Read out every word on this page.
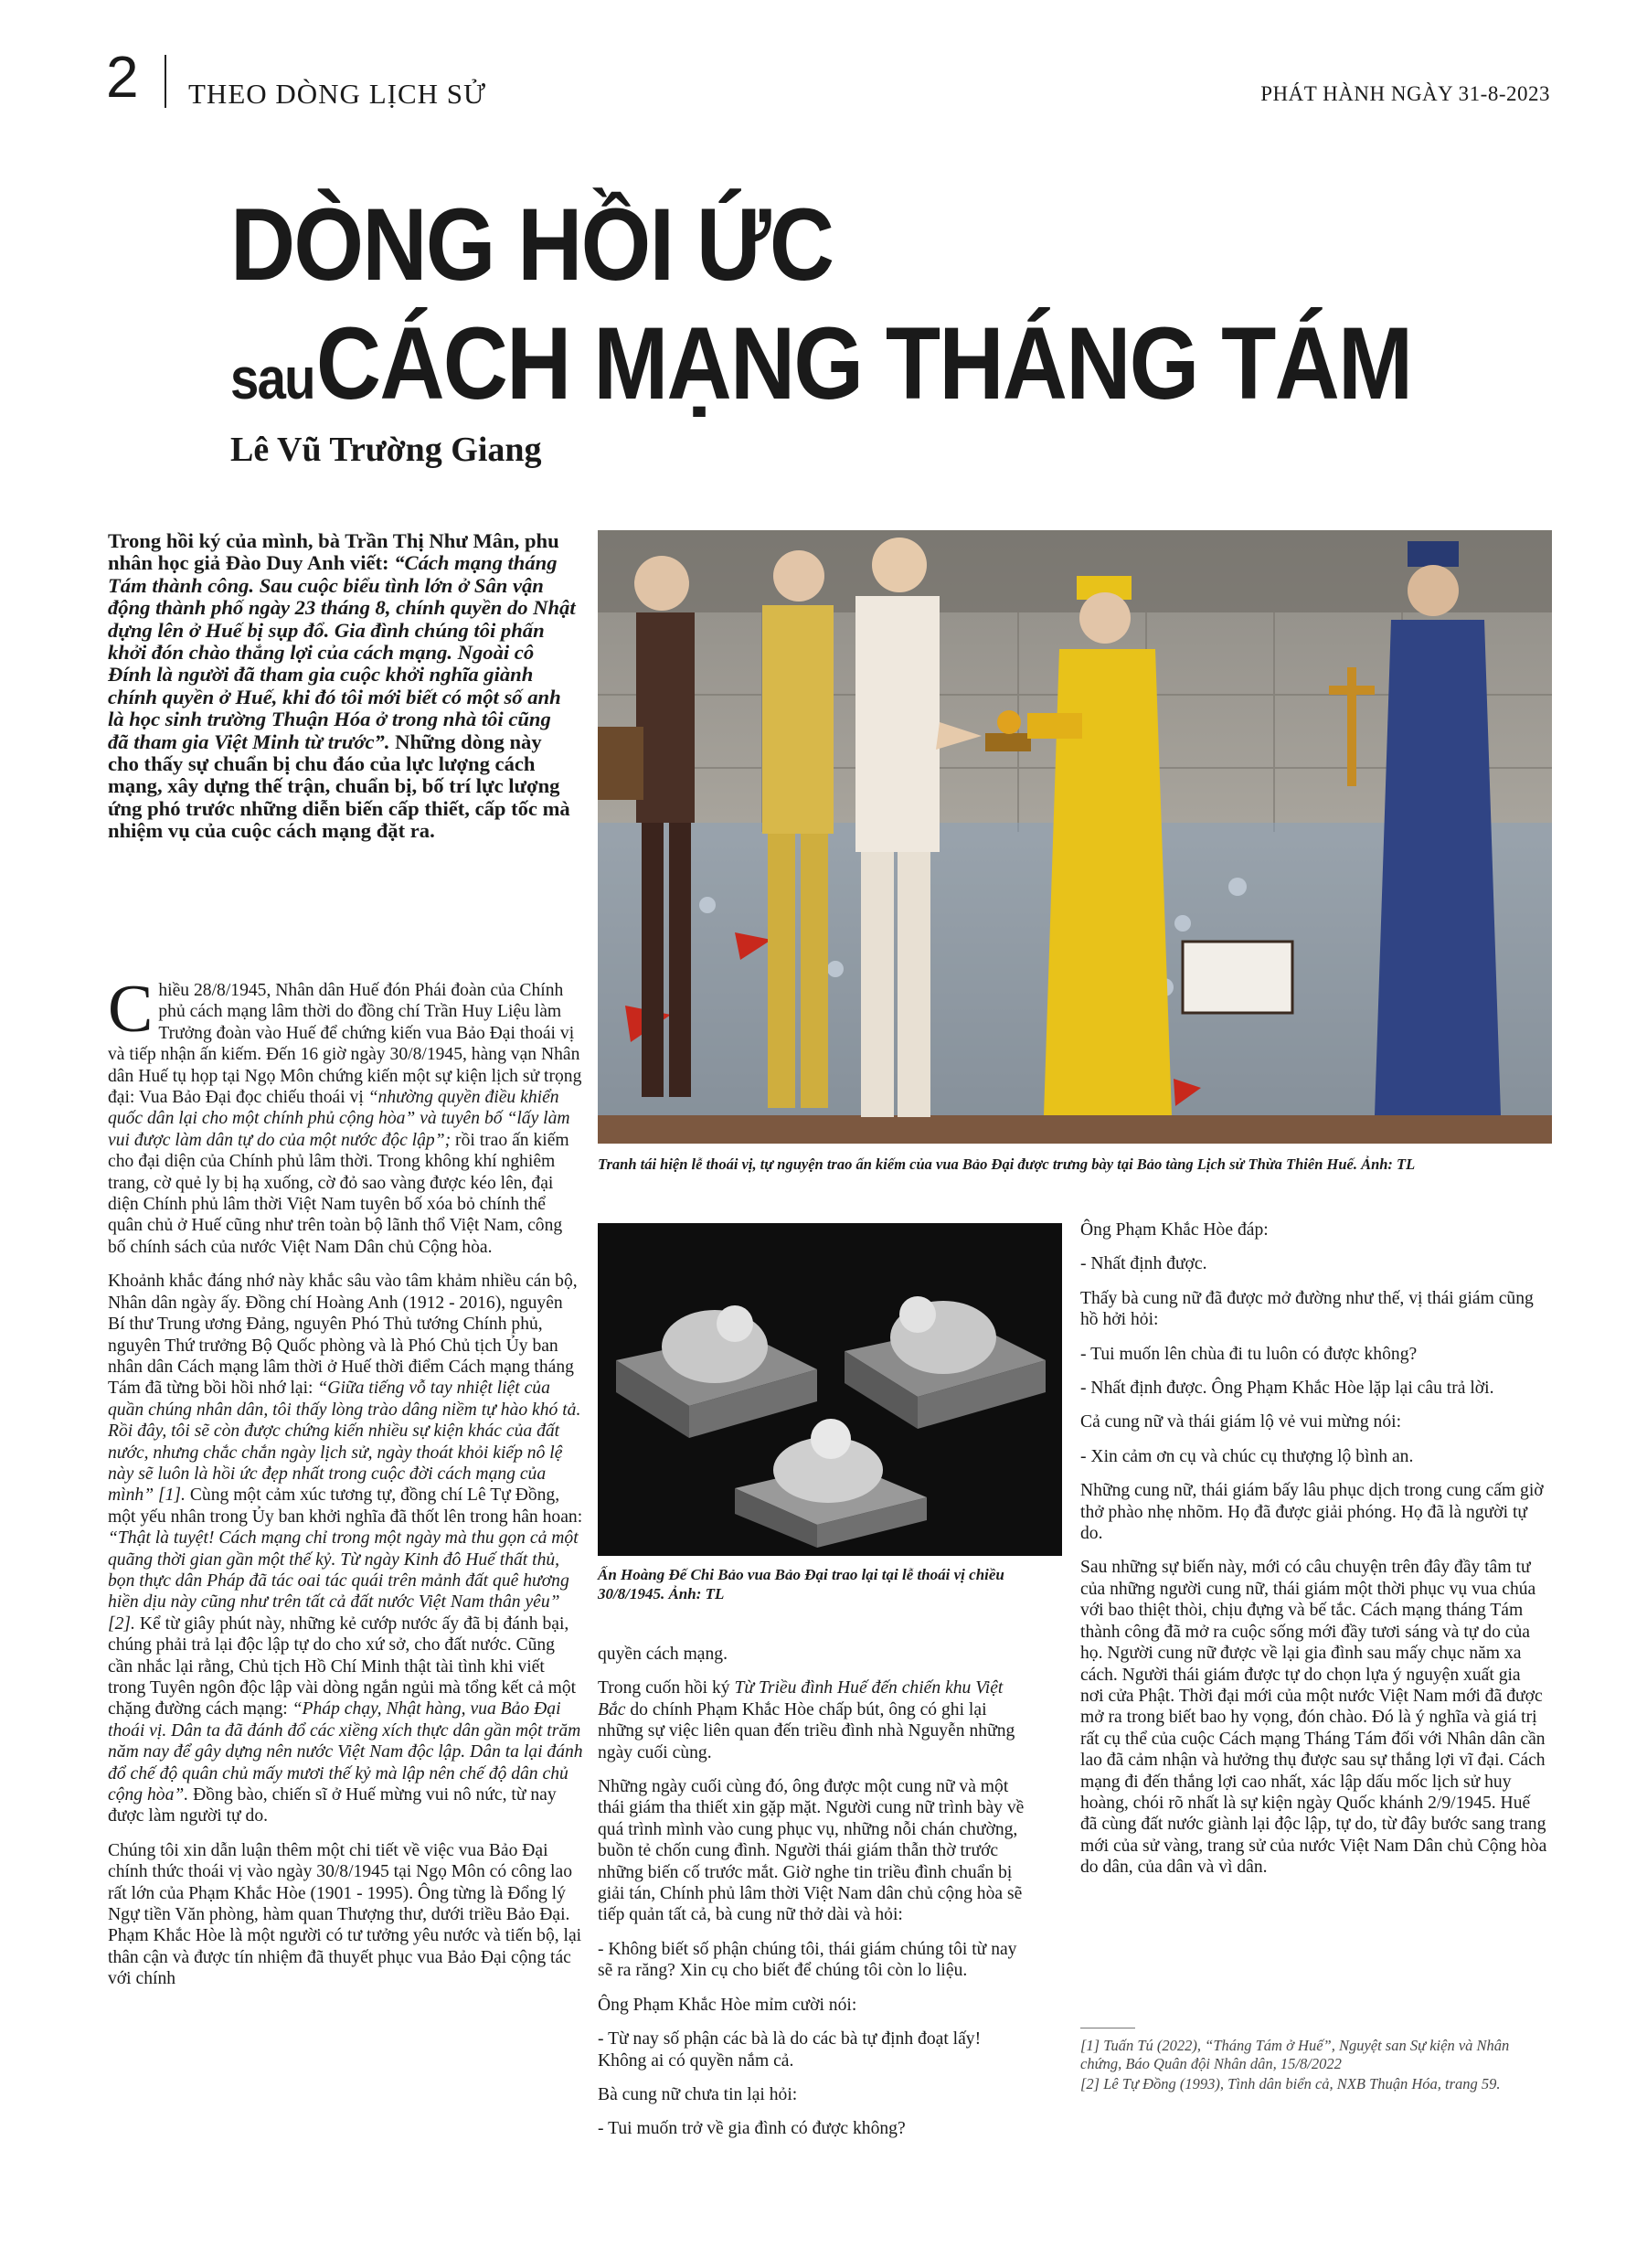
2 THEO DÒNG LỊCH SỬ	PHÁT HÀNH NGÀY 31-8-2023
DÒNG HỒI ỨC
sau CÁCH MẠNG THÁNG TÁM
Lê Vũ Trường Giang

Trong hồi ký của mình, bà Trần Thị Như Mân, phu nhân học giả Đào Duy Anh viết: “Cách mạng tháng Tám thành công. Sau cuộc biểu tình lớn ở Sân vận động thành phố ngày 23 tháng 8, chính quyền do Nhật dựng lên ở Huế bị sụp đổ. Gia đình chúng tôi phấn khởi đón chào thắng lợi của cách mạng. Ngoài cô Đính là người đã tham gia cuộc khởi nghĩa giành chính quyền ở Huế, khi đó tôi mới biết có một số anh là học sinh trường Thuận Hóa ở trong nhà tôi cũng đã tham gia Việt Minh từ trước”. Những dòng này cho thấy sự chuẩn bị chu đáo của lực lượng cách mạng, xây dựng thế trận, chuẩn bị, bố trí lực lượng ứng phó trước những diễn biến cấp thiết, cấp tốc mà nhiệm vụ của cuộc cách mạng đặt ra.

Tranh tái hiện lễ thoái vị, tự nguyện trao ấn kiếm của vua Bảo Đại được trưng bày tại Bảo tàng Lịch sử Thừa Thiên Huế. Ảnh: TL
Ấn Hoàng Đế Chi Bảo vua Bảo Đại trao lại tại lễ thoái vị chiều 30/8/1945. Ảnh: TL

Chiều 28/8/1945, Nhân dân Huế đón Phái đoàn của Chính phủ cách mạng lâm thời do đồng chí Trần Huy Liệu làm Trưởng đoàn vào Huế để chứng kiến vua Bảo Đại thoái vị và tiếp nhận ấn kiếm. Đến 16 giờ ngày 30/8/1945, hàng vạn Nhân dân Huế tụ họp tại Ngọ Môn chứng kiến một sự kiện lịch sử trọng đại: Vua Bảo Đại đọc chiếu thoái vị “nhường quyền điều khiển quốc dân lại cho một chính phủ cộng hòa” và tuyên bố “lấy làm vui được làm dân tự do của một nước độc lập”; rồi trao ấn kiếm cho đại diện của Chính phủ lâm thời. Trong không khí nghiêm trang, cờ quẻ ly bị hạ xuống, cờ đỏ sao vàng được kéo lên, đại diện Chính phủ lâm thời Việt Nam tuyên bố xóa bỏ chính thể quân chủ ở Huế cũng như trên toàn bộ lãnh thổ Việt Nam, công bố chính sách của nước Việt Nam Dân chủ Cộng hòa.

Khoảnh khắc đáng nhớ này khắc sâu vào tâm khảm nhiều cán bộ, Nhân dân ngày ấy. Đồng chí Hoàng Anh (1912 - 2016), nguyên Bí thư Trung ương Đảng, nguyên Phó Thủ tướng Chính phủ, nguyên Thứ trưởng Bộ Quốc phòng và là Phó Chủ tịch Ủy ban nhân dân Cách mạng lâm thời ở Huế thời điểm Cách mạng tháng Tám đã từng bồi hồi nhớ lại: “Giữa tiếng vỗ tay nhiệt liệt của quần chúng nhân dân, tôi thấy lòng trào dâng niềm tự hào khó tả. Rồi đây, tôi sẽ còn được chứng kiến nhiều sự kiện khác của đất nước, nhưng chắc chắn ngày lịch sử, ngày thoát khỏi kiếp nô lệ này sẽ luôn là hồi ức đẹp nhất trong cuộc đời cách mạng của mình” [1]. Cùng một cảm xúc tương tự, đồng chí Lê Tự Đồng, một yếu nhân trong Ủy ban khởi nghĩa đã thốt lên trong hân hoan: “Thật là tuyệt! Cách mạng chỉ trong một ngày mà thu gọn cả một quãng thời gian gần một thế kỷ. Từ ngày Kinh đô Huế thất thủ, bọn thực dân Pháp đã tác oai tác quái trên mảnh đất quê hương hiền dịu này cũng như trên tất cả đất nước Việt Nam thân yêu” [2]. Kể từ giây phút này, những kẻ cướp nước ấy đã bị đánh bại, chúng phải trả lại độc lập tự do cho xứ sở, cho đất nước. Cũng cần nhắc lại rằng, Chủ tịch Hồ Chí Minh thật tài tình khi viết trong Tuyên ngôn độc lập vài dòng ngắn ngủi mà tổng kết cả một chặng đường cách mạng: “Pháp chạy, Nhật hàng, vua Bảo Đại thoái vị. Dân ta đã đánh đổ các xiềng xích thực dân gần một trăm năm nay để gây dựng nên nước Việt Nam độc lập. Dân ta lại đánh đổ chế độ quân chủ mấy mươi thế kỷ mà lập nên chế độ dân chủ cộng hòa”. Đồng bào, chiến sĩ ở Huế mừng vui nô nức, từ nay được làm người tự do.

Chúng tôi xin dẫn luận thêm một chi tiết về việc vua Bảo Đại chính thức thoái vị vào ngày 30/8/1945 tại Ngọ Môn có công lao rất lớn của Phạm Khắc Hòe (1901 - 1995). Ông từng là Đổng lý Ngự tiền Văn phòng, hàm quan Thượng thư, dưới triều Bảo Đại. Phạm Khắc Hòe là một người có tư tưởng yêu nước và tiến bộ, lại thân cận và được tín nhiệm đã thuyết phục vua Bảo Đại cộng tác với chính

quyền cách mạng.

Trong cuốn hồi ký Từ Triều đình Huế đến chiến khu Việt Bắc do chính Phạm Khắc Hòe chấp bút, ông có ghi lại những sự việc liên quan đến triều đình nhà Nguyễn những ngày cuối cùng.

Những ngày cuối cùng đó, ông được một cung nữ và một thái giám tha thiết xin gặp mặt. Người cung nữ trình bày về quá trình mình vào cung phục vụ, những nỗi chán chường, buồn tẻ chốn cung đình. Người thái giám thẫn thờ trước những biến cố trước mắt. Giờ nghe tin triều đình chuẩn bị giải tán, Chính phủ lâm thời Việt Nam dân chủ cộng hòa sẽ tiếp quản tất cả, bà cung nữ thở dài và hỏi:

- Không biết số phận chúng tôi, thái giám chúng tôi từ nay sẽ ra răng? Xin cụ cho biết để chúng tôi còn lo liệu.

Ông Phạm Khắc Hòe mỉm cười nói:

- Từ nay số phận các bà là do các bà tự định đoạt lấy! Không ai có quyền nắm cả.

Bà cung nữ chưa tin lại hỏi:

- Tui muốn trở về gia đình có được không?

Ông Phạm Khắc Hòe đáp:

- Nhất định được.

Thấy bà cung nữ đã được mở đường như thế, vị thái giám cũng hồ hởi hỏi:

- Tui muốn lên chùa đi tu luôn có được không?

- Nhất định được. Ông Phạm Khắc Hòe lặp lại câu trả lời.

Cả cung nữ và thái giám lộ vẻ vui mừng nói:

- Xin cảm ơn cụ và chúc cụ thượng lộ bình an.

Những cung nữ, thái giám bấy lâu phục dịch trong cung cấm giờ thở phào nhẹ nhõm. Họ đã được giải phóng. Họ đã là người tự do.

Sau những sự biến này, mới có câu chuyện trên đây đầy tâm tư của những người cung nữ, thái giám một thời phục vụ vua chúa với bao thiệt thòi, chịu đựng và bế tắc. Cách mạng tháng Tám thành công đã mở ra cuộc sống mới đầy tươi sáng và tự do của họ. Người cung nữ được về lại gia đình sau mấy chục năm xa cách. Người thái giám được tự do chọn lựa ý nguyện xuất gia nơi cửa Phật. Thời đại mới của một nước Việt Nam mới đã được mở ra trong biết bao hy vọng, đón chào. Đó là ý nghĩa và giá trị rất cụ thể của cuộc Cách mạng Tháng Tám đối với Nhân dân cần lao đã cảm nhận và hưởng thụ được sau sự thắng lợi vĩ đại. Cách mạng đi đến thắng lợi cao nhất, xác lập dấu mốc lịch sử huy hoàng, chói rõ nhất là sự kiện ngày Quốc khánh 2/9/1945. Huế đã cùng đất nước giành lại độc lập, tự do, từ đây bước sang trang mới của sử vàng, trang sử của nước Việt Nam Dân chủ Cộng hòa do dân, của dân và vì dân.

[1] Tuấn Tú (2022), “Tháng Tám ở Huế”, Nguyệt san Sự kiện và Nhân chứng, Báo Quân đội Nhân dân, 15/8/2022

[2] Lê Tự Đồng (1993), Tình dân biển cả, NXB Thuận Hóa, trang 59.
